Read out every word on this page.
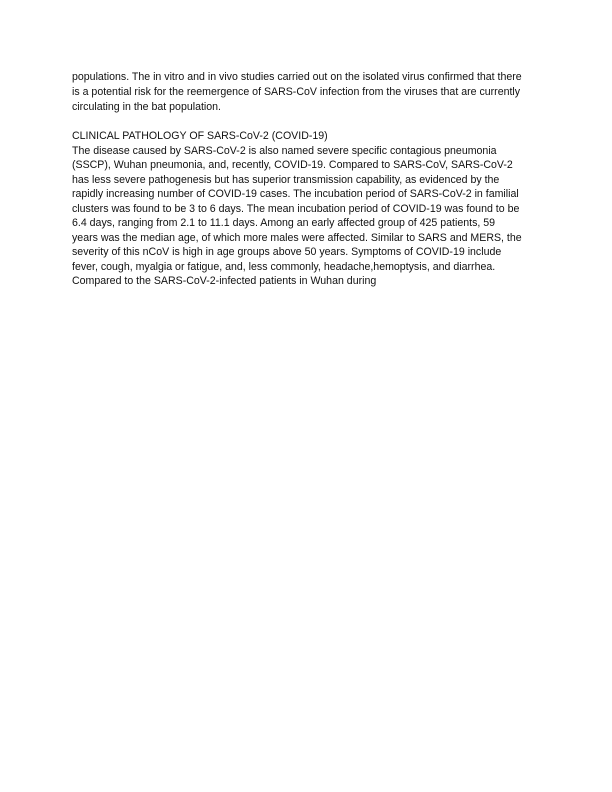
populations. The in vitro and in vivo studies carried out on the isolated virus confirmed that there
is a potential risk for the reemergence of SARS-CoV infection from the viruses that are currently
circulating in the bat population.
CLINICAL PATHOLOGY OF SARS-CoV-2 (COVID-19)
The disease caused by SARS-CoV-2 is also named severe specific contagious pneumonia
(SSCP), Wuhan pneumonia, and, recently, COVID-19. Compared to SARS-CoV, SARS-CoV-2
has less severe pathogenesis but has superior transmission capability, as evidenced by the
rapidly increasing number of COVID-19 cases. The incubation period of SARS-CoV-2 in familial
clusters was found to be 3 to 6 days. The mean incubation period of COVID-19 was found to be
6.4 days, ranging from 2.1 to 11.1 days. Among an early affected group of 425 patients, 59
years was the median age, of which more males were affected. Similar to SARS and MERS, the
severity of this nCoV is high in age groups above 50 years. Symptoms of COVID-19 include
fever, cough, myalgia or fatigue, and, less commonly, headache,hemoptysis, and diarrhea.
Compared to the SARS-CoV-2-infected patients in Wuhan during
